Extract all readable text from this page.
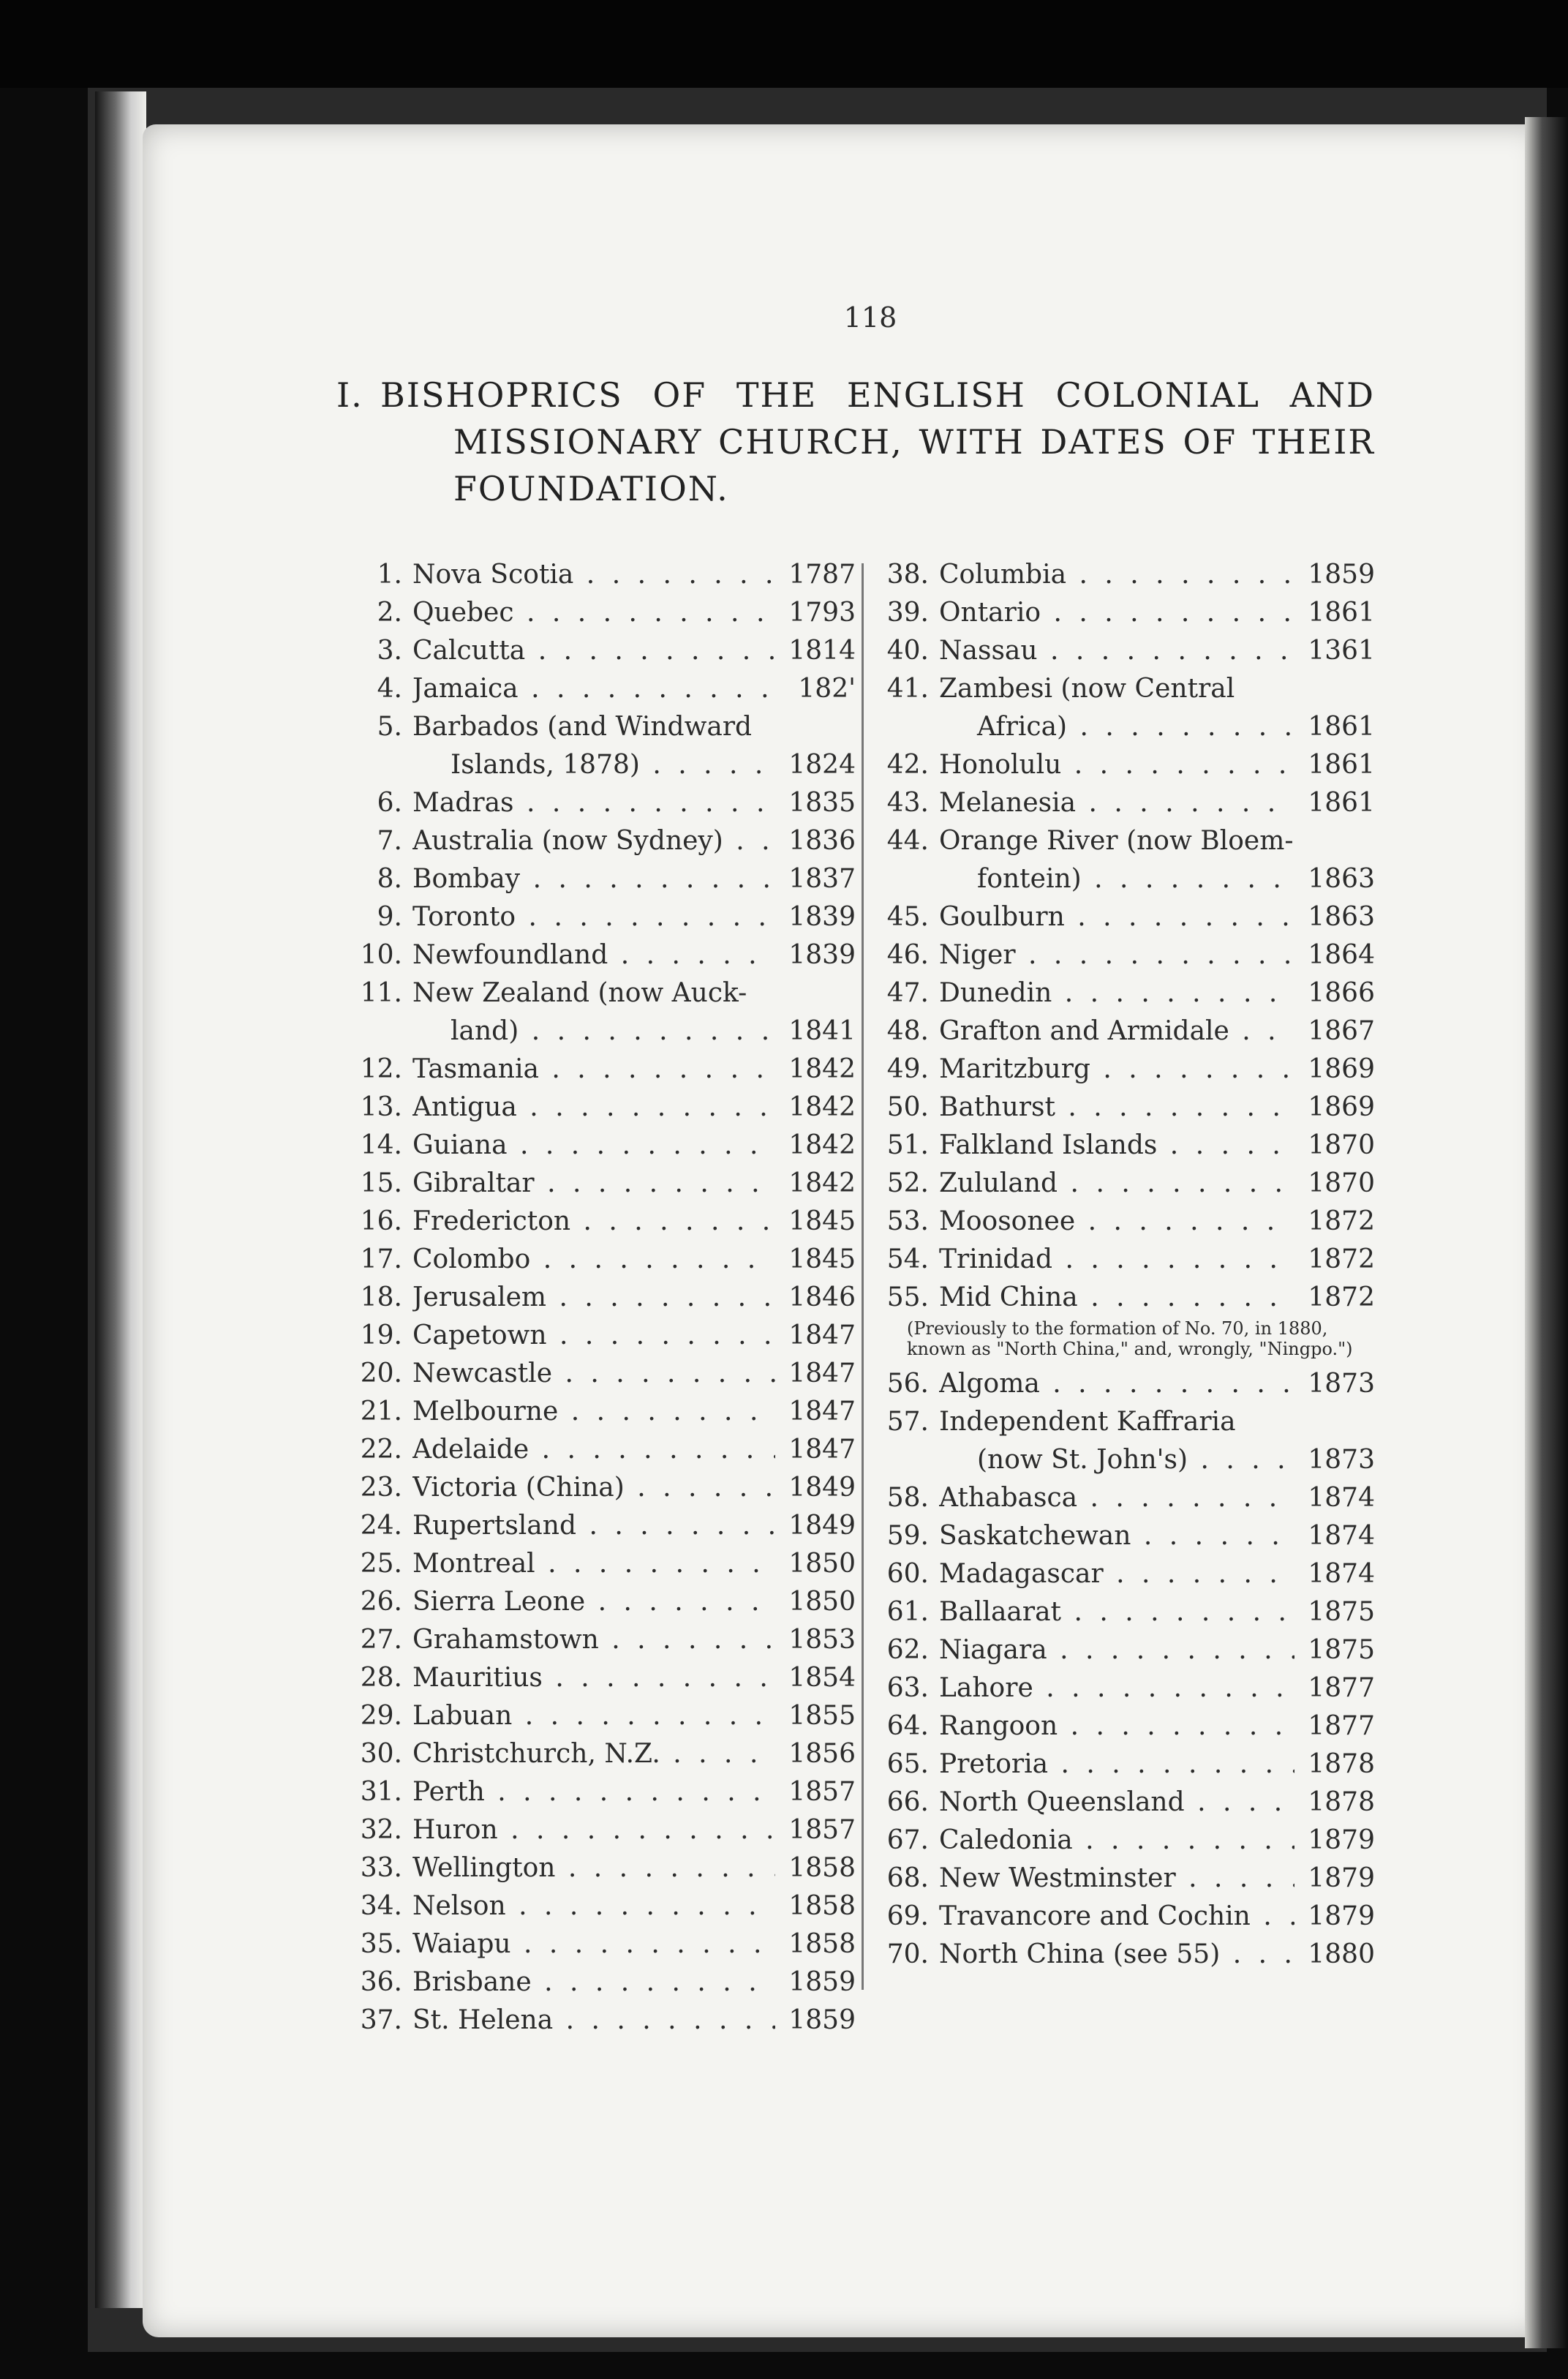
118
I. BISHOPRICS OF THE ENGLISH COLONIAL AND
MISSIONARY CHURCH, WITH DATES OF THEIR
FOUNDATION.
1. Nova Scotia . .	1787
2. Quebec . .	1793
3. Calcutta . .	1814
4. Jamaica . .	182'
5. Barbados (and Windward
Islands, 1878) . .	1824
6. Madras . .	1835
7. Australia (now Sydney) . .	1836
8. Bombay . .	1837
9. Toronto . .	1839
10. Newfoundland . .	1839
11. New Zealand (now Auck-
land) . .	1841
12. Tasmania . .	1842
13. Antigua . .	1842
14. Guiana . .	1842
15. Gibraltar . .	1842
16. Fredericton . .	1845
17. Colombo . .	1845
18. Jerusalem . .	1846
19. Capetown . .	1847
20. Newcastle . .	1847
21. Melbourne . .	1847
22. Adelaide . .	1847
23. Victoria (China) . .	1849
24. Rupertsland . .	1849
25. Montreal . .	1850
26. Sierra Leone . .	1850
27. Grahamstown . .	1853
28. Mauritius . .	1854
29. Labuan . .	1855
30. Christchurch, N.Z. . .	1856
31. Perth . .	1857
32. Huron . .	1857
33. Wellington . .	1858
34. Nelson . .	1858
35. Waiapu . .	1858
36. Brisbane . .	1859
37. St. Helena . .	1859
38. Columbia . .	1859
39. Ontario . .	1861
40. Nassau . .	1361
41. Zambesi (now Central
Africa) . .	1861
42. Honolulu . .	1861
43. Melanesia . .	1861
44. Orange River (now Bloem-
fontein) . .	1863
45. Goulburn . .	1863
46. Niger . .	1864
47. Dunedin . .	1866
48. Grafton and Armidale . .	1867
49. Maritzburg . .	1869
50. Bathurst . .	1869
51. Falkland Islands . .	1870
52. Zululand . .	1870
53. Moosonee . .	1872
54. Trinidad . .	1872
55. Mid China . .	1872
(Previously to the formation of No. 70, in 1880, known as "North China," and, wrongly, "Ningpo.")
56. Algoma . .	1873
57. Independent Kaffraria
(now St. John's) . .	1873
58. Athabasca . .	1874
59. Saskatchewan . .	1874
60. Madagascar . .	1874
61. Ballaarat . .	1875
62. Niagara . .	1875
63. Lahore . .	1877
64. Rangoon . .	1877
65. Pretoria . .	1878
66. North Queensland . .	1878
67. Caledonia . .	1879
68. New Westminster . .	1879
69. Travancore and Cochin . .	1879
70. North China (see 55) . .	1880
